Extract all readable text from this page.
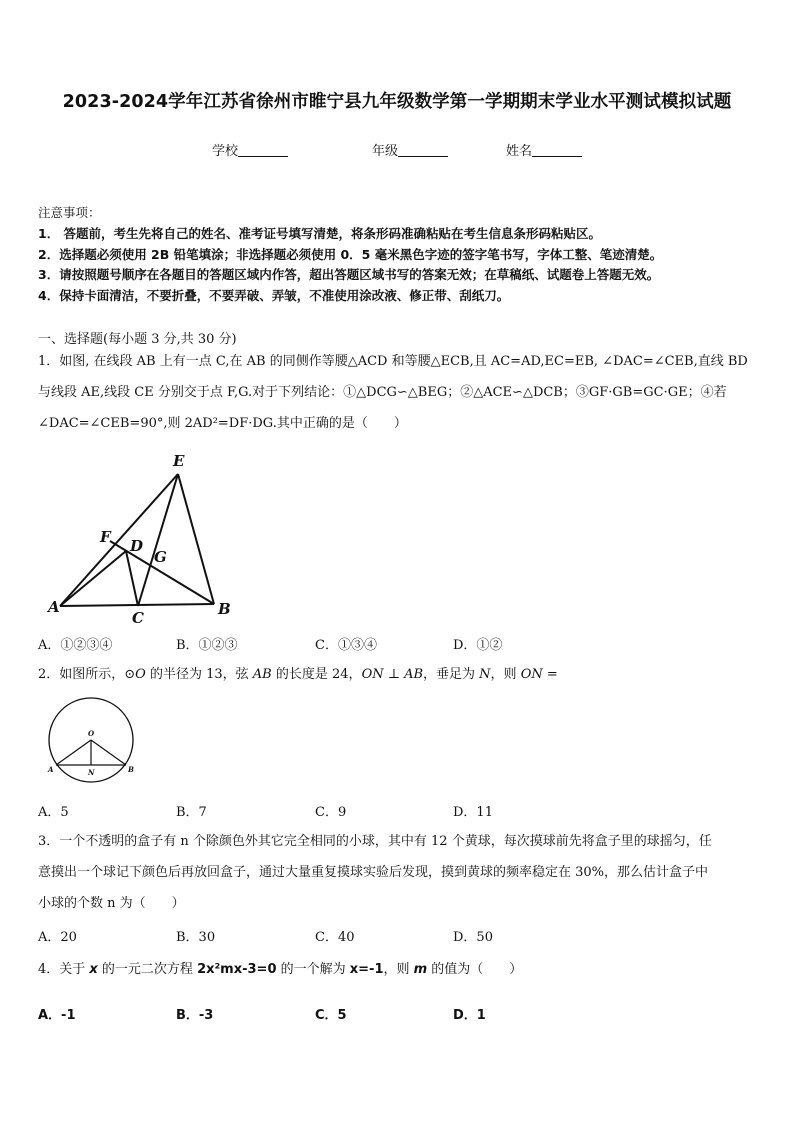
2023-2024学年江苏省徐州市睢宁县九年级数学第一学期期末学业水平测试模拟试题
学校	年级	姓名
注意事项：
1． 答题前，考生先将自己的姓名、准考证号填写清楚，将条形码准确粘贴在考生信息条形码粘贴区。
2．选择题必须使用 2B 铅笔填涂；非选择题必须使用 0．5 毫米黑色字迹的签字笔书写，字体工整、笔迹清楚。
3．请按照题号顺序在各题目的答题区域内作答，超出答题区域书写的答案无效；在草稿纸、试题卷上答题无效。
4．保持卡面清洁，不要折叠，不要弄破、弄皱，不准使用涂改液、修正带、刮纸刀。
一、选择题(每小题 3 分,共 30 分)
1．如图, 在线段 AB 上有一点 C,在 AB 的同侧作等腰△ACD 和等腰△ECB,且 AC=AD,EC=EB, ∠DAC=∠CEB,直线 BD
与线段 AE,线段 CE 分别交于点 F,G.对于下列结论：①△DCG∽△BEG；②△ACE∽△DCB；③GF·GB=GC·GE；④若
∠DAC=∠CEB=90°,则 2AD²=DF·DG.其中正确的是（　　）
E
F D
G
A
C	B
A．①②③④	B．①②③	C．①③④	D．①②
2．如图所示，⊙O 的半径为 13，弦 AB 的长度是 24，ON ⊥ AB，垂足为 N，则 ON =
O
A	N	B
A．5	B．7	C．9	D．11
3．一个不透明的盒子有 n 个除颜色外其它完全相同的小球，其中有 12 个黄球，每次摸球前先将盒子里的球摇匀，任
意摸出一个球记下颜色后再放回盒子，通过大量重复摸球实验后发现，摸到黄球的频率稳定在 30%，那么估计盒子中
小球的个数 n 为（　　）
A．20	B．30	C．40	D．50
4．关于 x 的一元二次方程 2x²mx-3=0 的一个解为 x=-1，则 m 的值为（　　）
A．-1	B．-3	C．5	D．1
